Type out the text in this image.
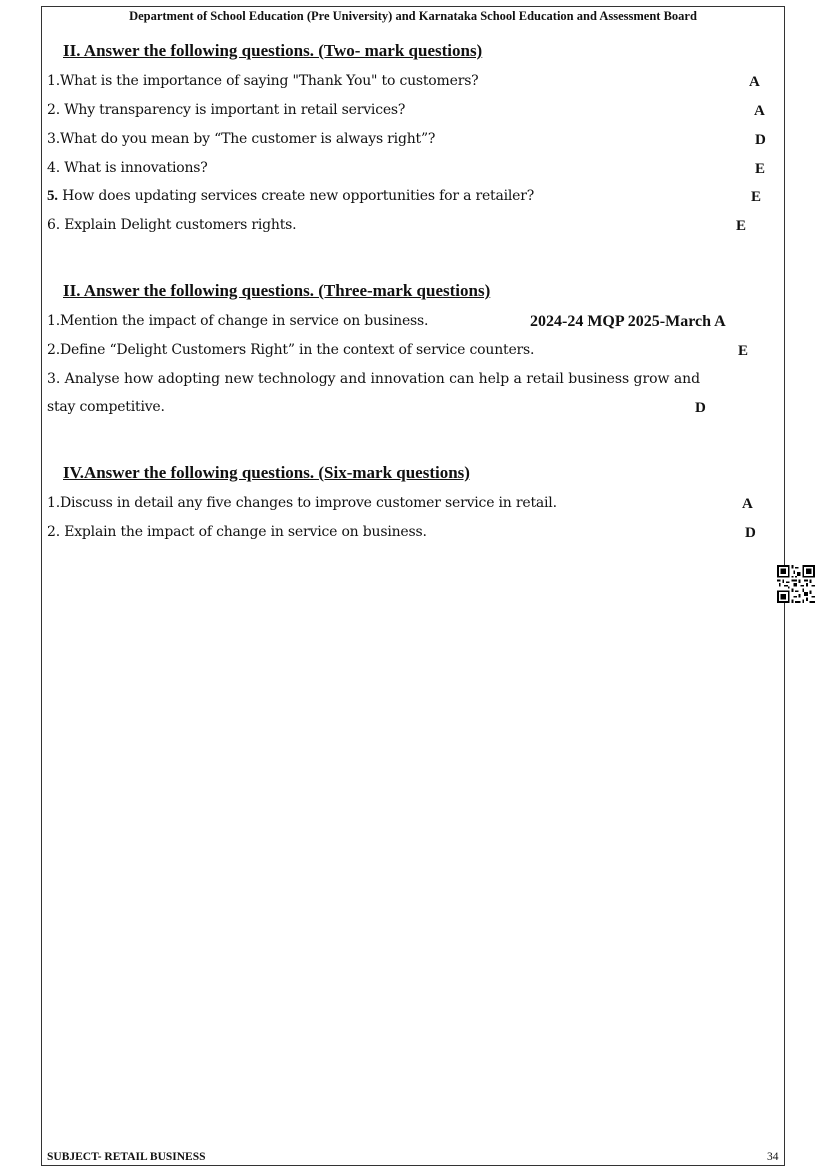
Department of School Education (Pre University) and Karnataka School Education and Assessment Board
II. Answer the following questions. (Two- mark questions)
1.What is the importance of saying "Thank You" to customers?	A
2. Why transparency is important in retail services?	A
3.What do you mean by “The customer is always right”?	D
4. What is innovations?	E
5. How does updating services create new opportunities for a retailer?	E
6. Explain Delight customers rights.	E
II. Answer the following questions. (Three-mark questions)
1.Mention the impact of change in service on business.	2024-24 MQP 2025-March A
2.Define “Delight Customers Right” in the context of service counters.	E
3. Analyse how adopting new technology and innovation can help a retail business grow and
stay competitive.	D
IV.Answer the following questions. (Six-mark questions)
1.Discuss in detail any five changes to improve customer service in retail.	A
2. Explain the impact of change in service on business.	D
SUBJECT- RETAIL BUSINESS	34
